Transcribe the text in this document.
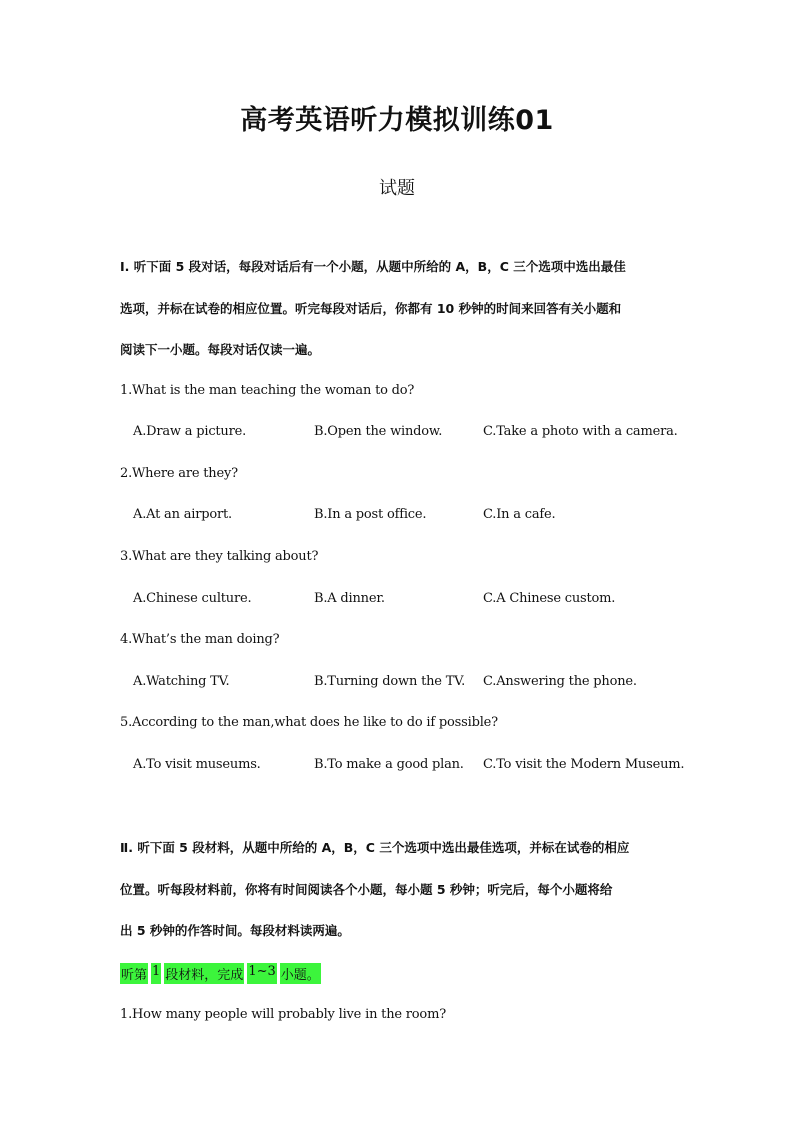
高考英语听力模拟训练01
试题
Ⅰ. 听下面 5 段对话，每段对话后有一个小题，从题中所给的 A，B，C 三个选项中选出最佳
选项，并标在试卷的相应位置。听完每段对话后，你都有 10 秒钟的时间来回答有关小题和
阅读下一小题。每段对话仅读一遍。
1.What is the man teaching the woman to do?
A.Draw a picture.	B.Open the window.	C.Take a photo with a camera.
2.Where are they?
A.At an airport.	B.In a post office.	C.In a cafe.
3.What are they talking about?
A.Chinese culture.	B.A dinner.	C.A Chinese custom.
4.What’s the man doing?
A.Watching TV.	B.Turning down the TV. C.Answering the phone.
5.According to the man,what does he like to do if possible?
A.To visit museums.	B.To make a good plan. C.To visit the Modern Museum.
Ⅱ. 听下面 5 段材料，从题中所给的 A，B，C 三个选项中选出最佳选项，并标在试卷的相应
位置。听每段材料前，你将有时间阅读各个小题，每小题 5 秒钟；听完后，每个小题将给
出 5 秒钟的作答时间。每段材料读两遍。
听第 1 段材料，完成 1~3 小题。
1.How many people will probably live in the room?
